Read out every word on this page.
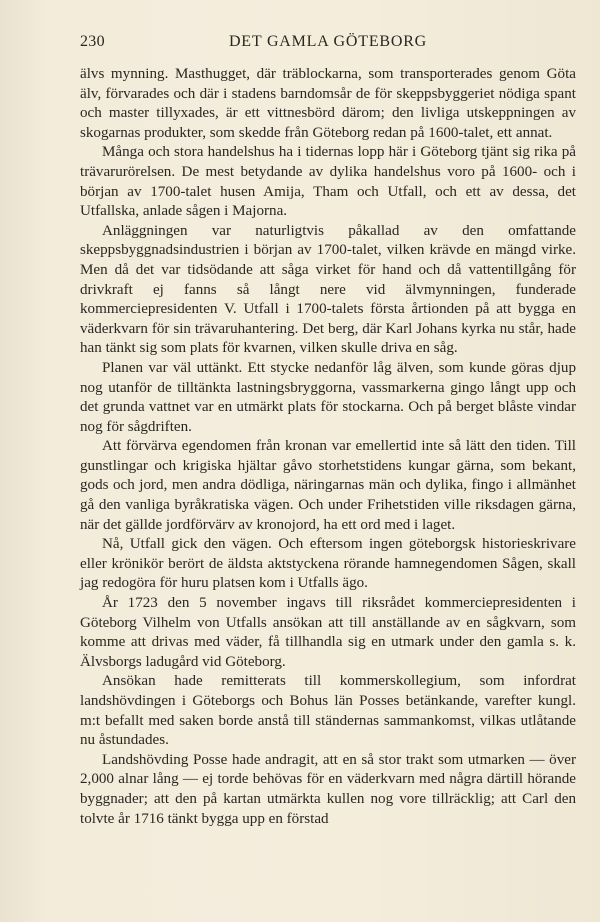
230	DET GAMLA GÖTEBORG

älvs mynning. Masthugget, där träblockarna, som transporterades genom Göta älv, förvarades och där i stadens barndomsår de för skeppsbyggeriet nödiga spant och master tillyxades, är ett vittnesbörd därom; den livliga utskeppningen av skogarnas produkter, som skedde från Göteborg redan på 1600-talet, ett annat.

Många och stora handelshus ha i tidernas lopp här i Göteborg tjänt sig rika på trävarurörelsen. De mest betydande av dylika handelshus voro på 1600- och i början av 1700-talet husen Amija, Tham och Utfall, och ett av dessa, det Utfallska, anlade sågen i Majorna.

Anläggningen var naturligtvis påkallad av den omfattande skeppsbyggnadsindustrien i början av 1700-talet, vilken krävde en mängd virke. Men då det var tidsödande att såga virket för hand och då vattentillgång för drivkraft ej fanns så långt nere vid älvmynningen, funderade kommerciepresidenten V. Utfall i 1700-talets första årtionden på att bygga en väderkvarn för sin trävaruhantering. Det berg, där Karl Johans kyrka nu står, hade han tänkt sig som plats för kvarnen, vilken skulle driva en såg.

Planen var väl uttänkt. Ett stycke nedanför låg älven, som kunde göras djup nog utanför de tilltänkta lastningsbryggorna, vassmarkerna gingo långt upp och det grunda vattnet var en utmärkt plats för stockarna. Och på berget blåste vindar nog för sågdriften.

Att förvärva egendomen från kronan var emellertid inte så lätt den tiden. Till gunstlingar och krigiska hjältar gåvo storhetstidens kungar gärna, som bekant, gods och jord, men andra dödliga, näringarnas män och dylika, fingo i allmänhet gå den vanliga byråkratiska vägen. Och under Frihetstiden ville riksdagen gärna, när det gällde jordförvärv av kronojord, ha ett ord med i laget.

Nå, Utfall gick den vägen. Och eftersom ingen göteborgsk historieskrivare eller krönikör berört de äldsta aktstyckena rörande hamnegendomen Sågen, skall jag redogöra för huru platsen kom i Utfalls ägo.

År 1723 den 5 november ingavs till riksrådet kommerciepresidenten i Göteborg Vilhelm von Utfalls ansökan att till anställande av en sågkvarn, som komme att drivas med väder, få tillhandla sig en utmark under den gamla s. k. Älvsborgs ladugård vid Göteborg.

Ansökan hade remitterats till kommerskollegium, som infordrat landshövdingen i Göteborgs och Bohus län Posses betänkande, varefter kungl. m:t befallt med saken borde anstå till ständernas sammankomst, vilkas utlåtande nu åstundades.

Landshövding Posse hade andragit, att en så stor trakt som utmarken — över 2,000 alnar lång — ej torde behövas för en väderkvarn med några därtill hörande byggnader; att den på kartan utmärkta kullen nog vore tillräcklig; att Carl den tolvte år 1716 tänkt bygga upp en förstad
